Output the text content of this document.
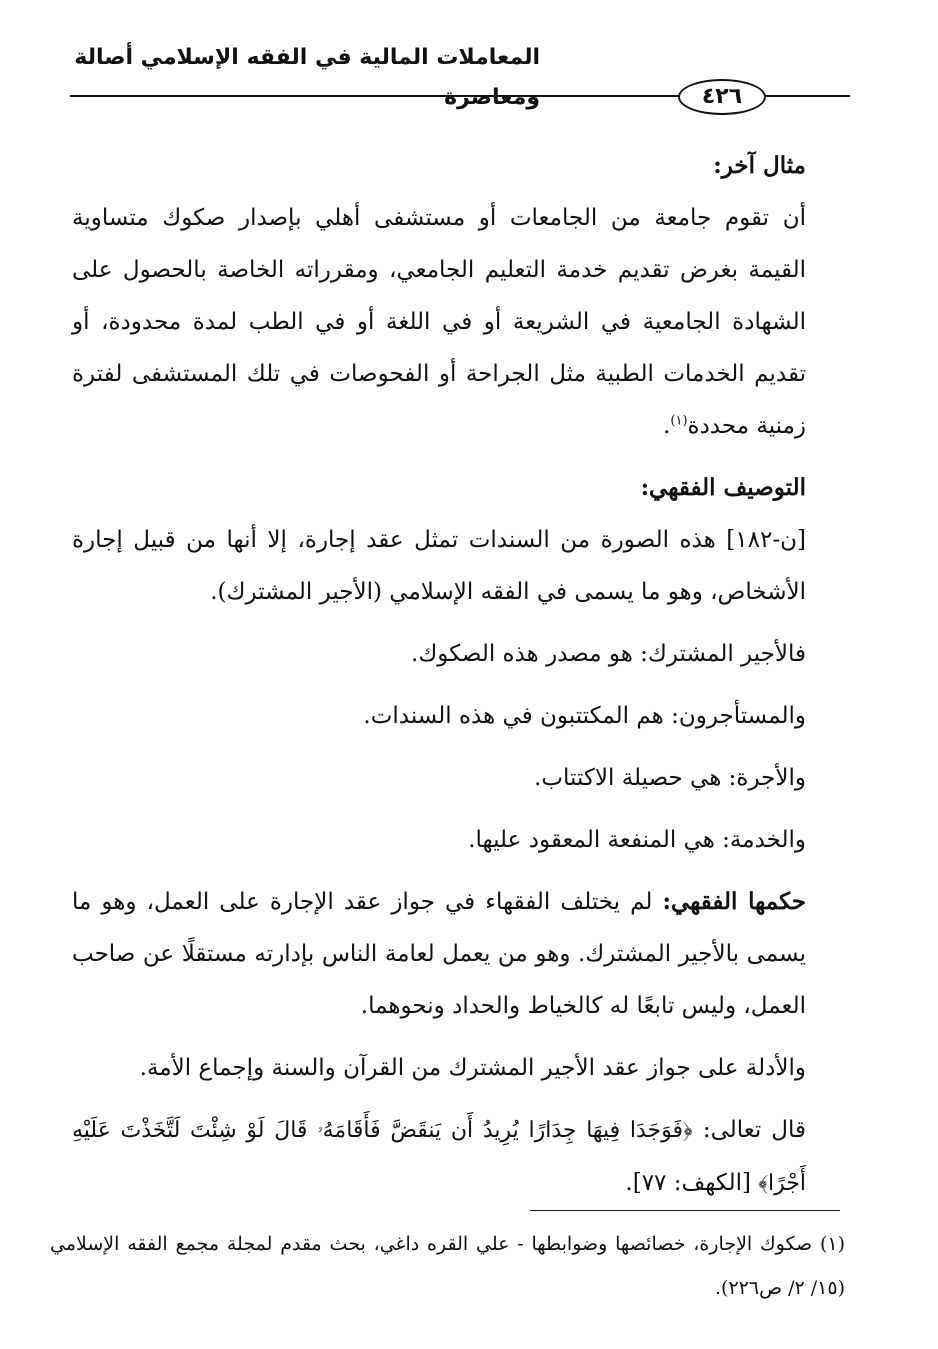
المعاملات المالية في الفقه الإسلامي أصالة ومعاصرة	٤٢٦

مثال آخر:

أن تقوم جامعة من الجامعات أو مستشفى أهلي بإصدار صكوك متساوية القيمة بغرض تقديم خدمة التعليم الجامعي، ومقرراته الخاصة بالحصول على الشهادة الجامعية في الشريعة أو في اللغة أو في الطب لمدة محدودة، أو تقديم الخدمات الطبية مثل الجراحة أو الفحوصات في تلك المستشفى لفترة زمنية محددة$^{(١)}$.

التوصيف الفقهي:

[ن-١٨٢] هذه الصورة من السندات تمثل عقد إجارة، إلا أنها من قبيل إجارة الأشخاص، وهو ما يسمى في الفقه الإسلامي (الأجير المشترك).

فالأجير المشترك: هو مصدر هذه الصكوك.

والمستأجرون: هم المكتتبون في هذه السندات.

والأجرة: هي حصيلة الاكتتاب.

والخدمة: هي المنفعة المعقود عليها.

حكمها الفقهي: لم يختلف الفقهاء في جواز عقد الإجارة على العمل، وهو ما يسمى بالأجير المشترك. وهو من يعمل لعامة الناس بإدارته مستقلًا عن صاحب العمل، وليس تابعًا له كالخياط والحداد ونحوهما.

والأدلة على جواز عقد الأجير المشترك من القرآن والسنة وإجماع الأمة.

قال تعالى: ﴿فَوَجَدَا فِيهَا جِدَارًا يُرِيدُ أَن يَنقَضَّ فَأَقَامَهُۥ قَالَ لَوْ شِئْتَ لَتَّخَذْتَ عَلَيْهِ أَجْرًا﴾ [الكهف: ٧٧].

(١) صكوك الإجارة، خصائصها وضوابطها - علي القره داغي، بحث مقدم لمجلة مجمع الفقه الإسلامي (١٥/ ٢/ ص٢٢٦).
